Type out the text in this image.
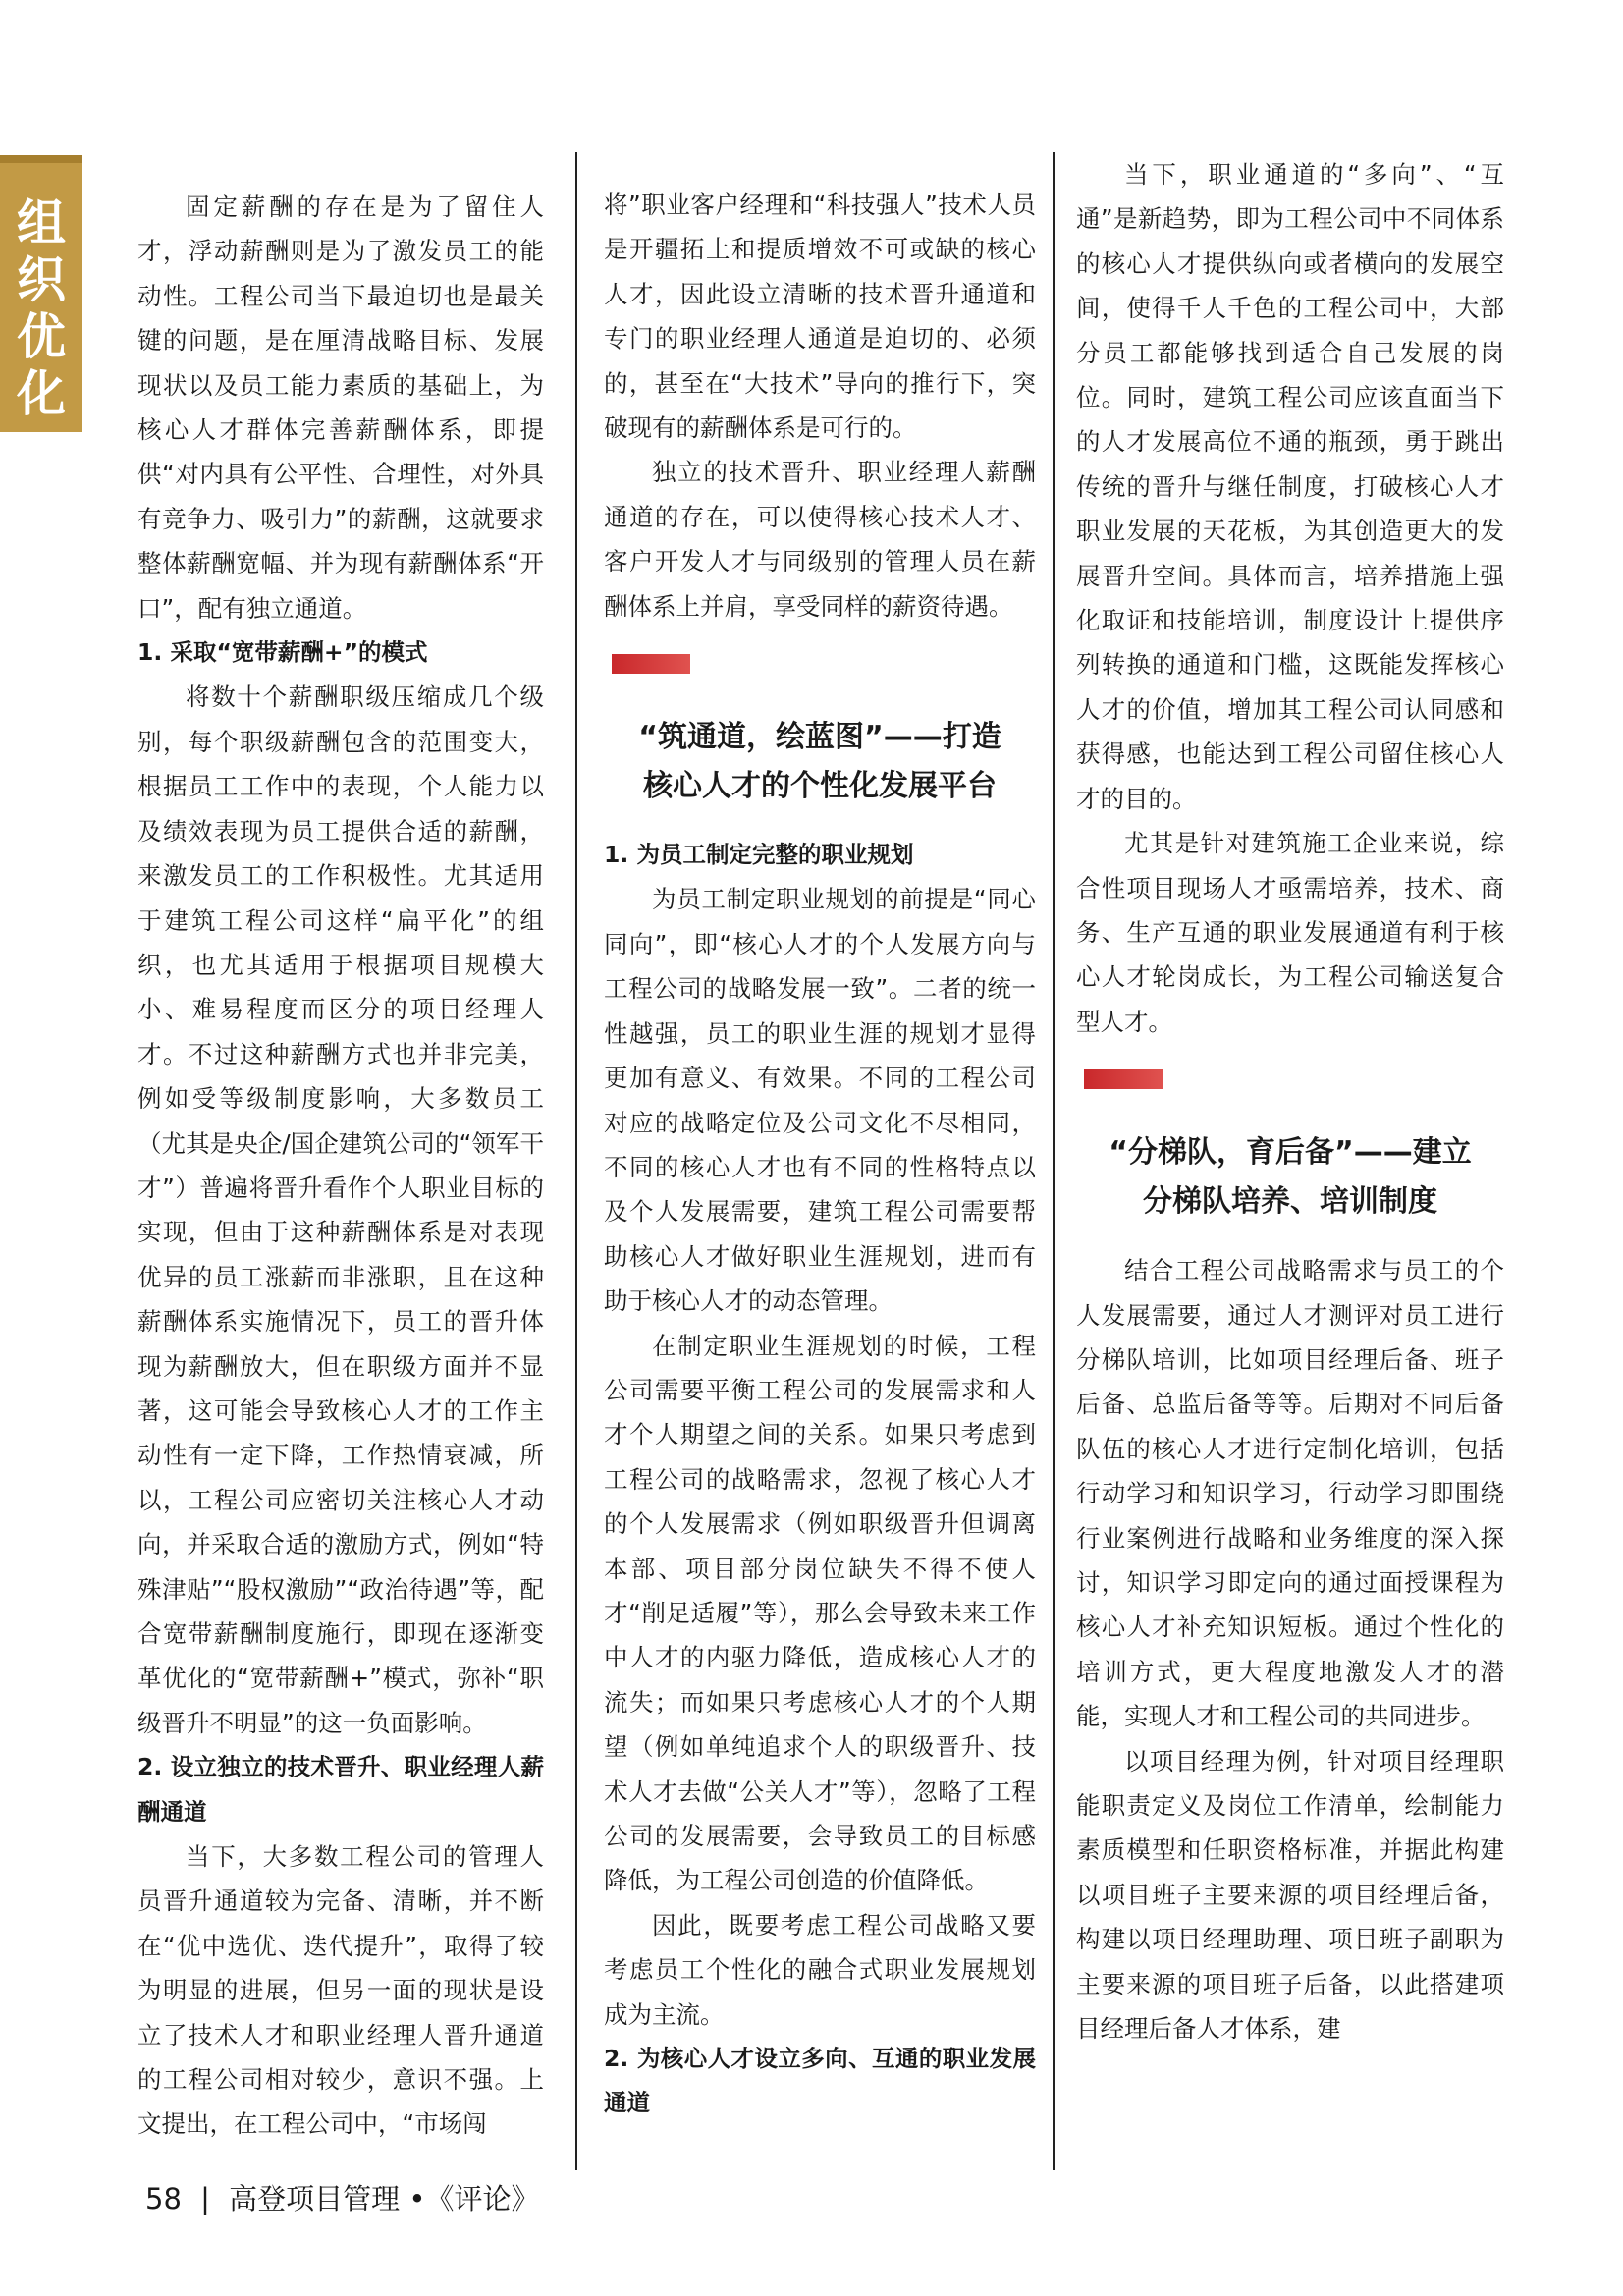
组
织
优
化

固定薪酬的存在是为了留住人才，浮动薪酬则是为了激发员工的能动性。工程公司当下最迫切也是最关键的问题，是在厘清战略目标、发展现状以及员工能力素质的基础上，为核心人才群体完善薪酬体系，即提供“对内具有公平性、合理性，对外具有竞争力、吸引力”的薪酬，这就要求整体薪酬宽幅、并为现有薪酬体系“开口”，配有独立通道。

1. 采取“宽带薪酬+”的模式

将数十个薪酬职级压缩成几个级别，每个职级薪酬包含的范围变大，根据员工工作中的表现，个人能力以及绩效表现为员工提供合适的薪酬，来激发员工的工作积极性。尤其适用于建筑工程公司这样“扁平化”的组织，也尤其适用于根据项目规模大小、难易程度而区分的项目经理人才。不过这种薪酬方式也并非完美，例如受等级制度影响，大多数员工（尤其是央企/国企建筑公司的“领军干才”）普遍将晋升看作个人职业目标的实现，但由于这种薪酬体系是对表现优异的员工涨薪而非涨职，且在这种薪酬体系实施情况下，员工的晋升体现为薪酬放大，但在职级方面并不显著，这可能会导致核心人才的工作主动性有一定下降，工作热情衰减，所以，工程公司应密切关注核心人才动向，并采取合适的激励方式，例如“特殊津贴”“股权激励”“政治待遇”等，配合宽带薪酬制度施行，即现在逐渐变革优化的“宽带薪酬+”模式，弥补“职级晋升不明显”的这一负面影响。

2. 设立独立的技术晋升、职业经理人薪酬通道

当下，大多数工程公司的管理人员晋升通道较为完备、清晰，并不断在“优中选优、迭代提升”，取得了较为明显的进展，但另一面的现状是设立了技术人才和职业经理人晋升通道的工程公司相对较少，意识不强。上文提出，在工程公司中，“市场闯

将”职业客户经理和“科技强人”技术人员是开疆拓土和提质增效不可或缺的核心人才，因此设立清晰的技术晋升通道和专门的职业经理人通道是迫切的、必须的，甚至在“大技术”导向的推行下，突破现有的薪酬体系是可行的。

独立的技术晋升、职业经理人薪酬通道的存在，可以使得核心技术人才、客户开发人才与同级别的管理人员在薪酬体系上并肩，享受同样的薪资待遇。

“筑通道，绘蓝图”——打造
核心人才的个性化发展平台
1. 为员工制定完整的职业规划

为员工制定职业规划的前提是“同心同向”，即“核心人才的个人发展方向与工程公司的战略发展一致”。二者的统一性越强，员工的职业生涯的规划才显得更加有意义、有效果。不同的工程公司对应的战略定位及公司文化不尽相同，不同的核心人才也有不同的性格特点以及个人发展需要，建筑工程公司需要帮助核心人才做好职业生涯规划，进而有助于核心人才的动态管理。

在制定职业生涯规划的时候，工程公司需要平衡工程公司的发展需求和人才个人期望之间的关系。如果只考虑到工程公司的战略需求，忽视了核心人才的个人发展需求（例如职级晋升但调离本部、项目部分岗位缺失不得不使人才“削足适履”等），那么会导致未来工作中人才的内驱力降低，造成核心人才的流失；而如果只考虑核心人才的个人期望（例如单纯追求个人的职级晋升、技术人才去做“公关人才”等），忽略了工程公司的发展需要，会导致员工的目标感降低，为工程公司创造的价值降低。

因此，既要考虑工程公司战略又要考虑员工个性化的融合式职业发展规划成为主流。

2. 为核心人才设立多向、互通的职业发展通道

当下，职业通道的“多向”、“互通”是新趋势，即为工程公司中不同体系的核心人才提供纵向或者横向的发展空间，使得千人千色的工程公司中，大部分员工都能够找到适合自己发展的岗位。同时，建筑工程公司应该直面当下的人才发展高位不通的瓶颈，勇于跳出传统的晋升与继任制度，打破核心人才职业发展的天花板，为其创造更大的发展晋升空间。具体而言，培养措施上强化取证和技能培训，制度设计上提供序列转换的通道和门槛，这既能发挥核心人才的价值，增加其工程公司认同感和获得感，也能达到工程公司留住核心人才的目的。

尤其是针对建筑施工企业来说，综合性项目现场人才亟需培养，技术、商务、生产互通的职业发展通道有利于核心人才轮岗成长，为工程公司输送复合型人才。

“分梯队，育后备”——建立
分梯队培养、培训制度

结合工程公司战略需求与员工的个人发展需要，通过人才测评对员工进行分梯队培训，比如项目经理后备、班子后备、总监后备等等。后期对不同后备队伍的核心人才进行定制化培训，包括行动学习和知识学习，行动学习即围绕行业案例进行战略和业务维度的深入探讨，知识学习即定向的通过面授课程为核心人才补充知识短板。通过个性化的培训方式，更大程度地激发人才的潜能，实现人才和工程公司的共同进步。

以项目经理为例，针对项目经理职能职责定义及岗位工作清单，绘制能力素质模型和任职资格标准，并据此构建以项目班子主要来源的项目经理后备，构建以项目经理助理、项目班子副职为主要来源的项目班子后备，以此搭建项目经理后备人才体系，建

58 | 高登项目管理 •《评论》
